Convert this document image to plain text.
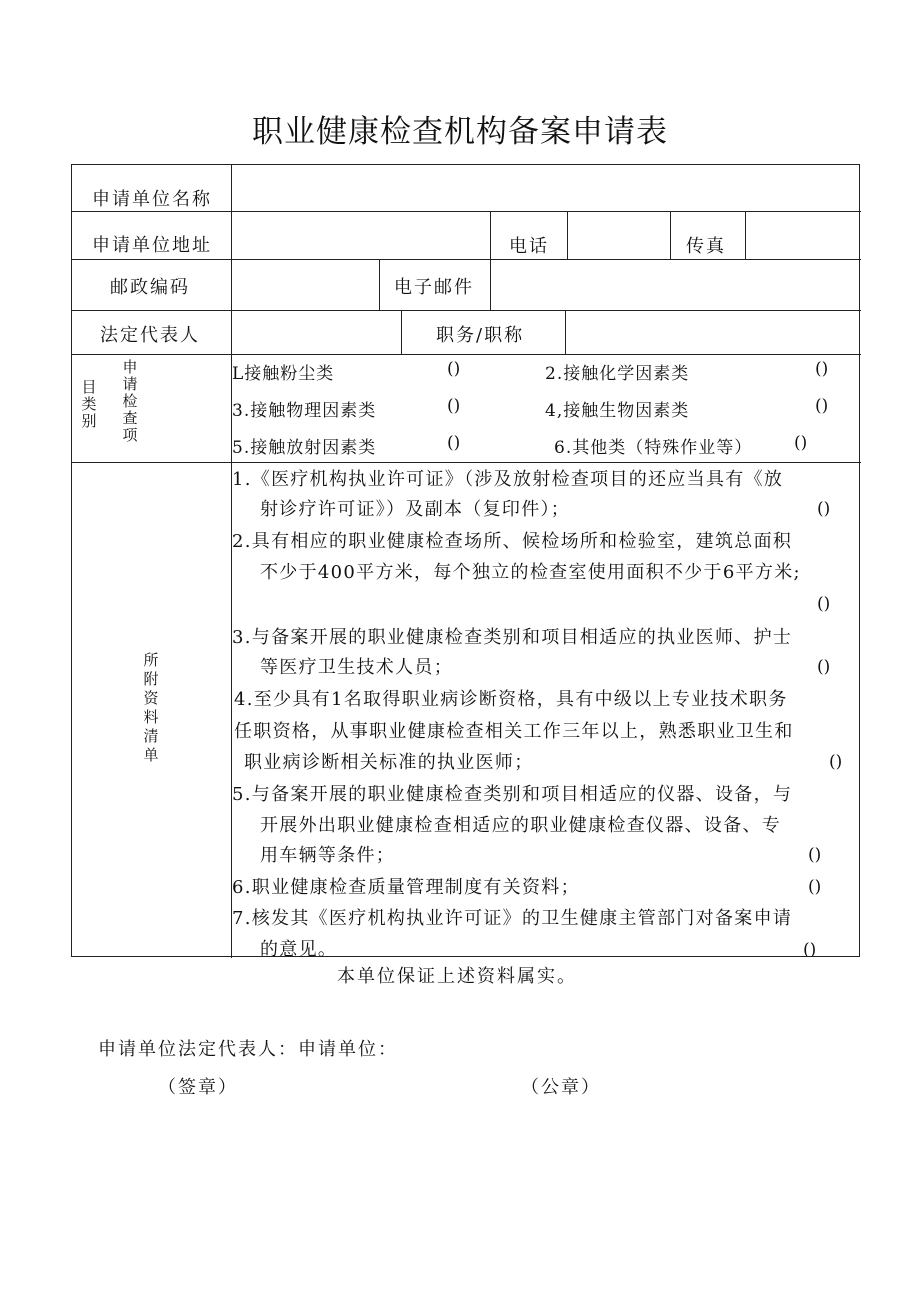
职业健康检查机构备案申请表
申请单位名称
申请单位地址	电话	传真
邮政编码	电子邮件
法定代表人	职务/职称
目类别
申请检查项
L接触粉尘类	()	2.接触化学因素类	()
3.接触物理因素类	()	4,接触生物因素类	()
5.接触放射因素类	()	6.其他类（特殊作业等） ()
所附资料清单
1.《医疗机构执业许可证》（涉及放射检查项目的还应当具有《放
射诊疗许可证》）及副本（复印件）；	()
2.具有相应的职业健康检查场所、候检场所和检验室，建筑总面积
不少于400平方米，每个独立的检查室使用面积不少于6平方米;
()
3.与备案开展的职业健康检查类别和项目相适应的执业医师、护士
等医疗卫生技术人员；	()
4.至少具有1名取得职业病诊断资格，具有中级以上专业技术职务
任职资格，从事职业健康检查相关工作三年以上，熟悉职业卫生和
职业病诊断相关标准的执业医师；	()
5.与备案开展的职业健康检查类别和项目相适应的仪器、设备，与
开展外出职业健康检查相适应的职业健康检查仪器、设备、专
用车辆等条件；	()
6.职业健康检查质量管理制度有关资料；	()
7.核发其《医疗机构执业许可证》的卫生健康主管部门对备案申请
的意见。	()
本单位保证上述资料属实。
申请单位法定代表人：申请单位：
（签章）	（公章）
